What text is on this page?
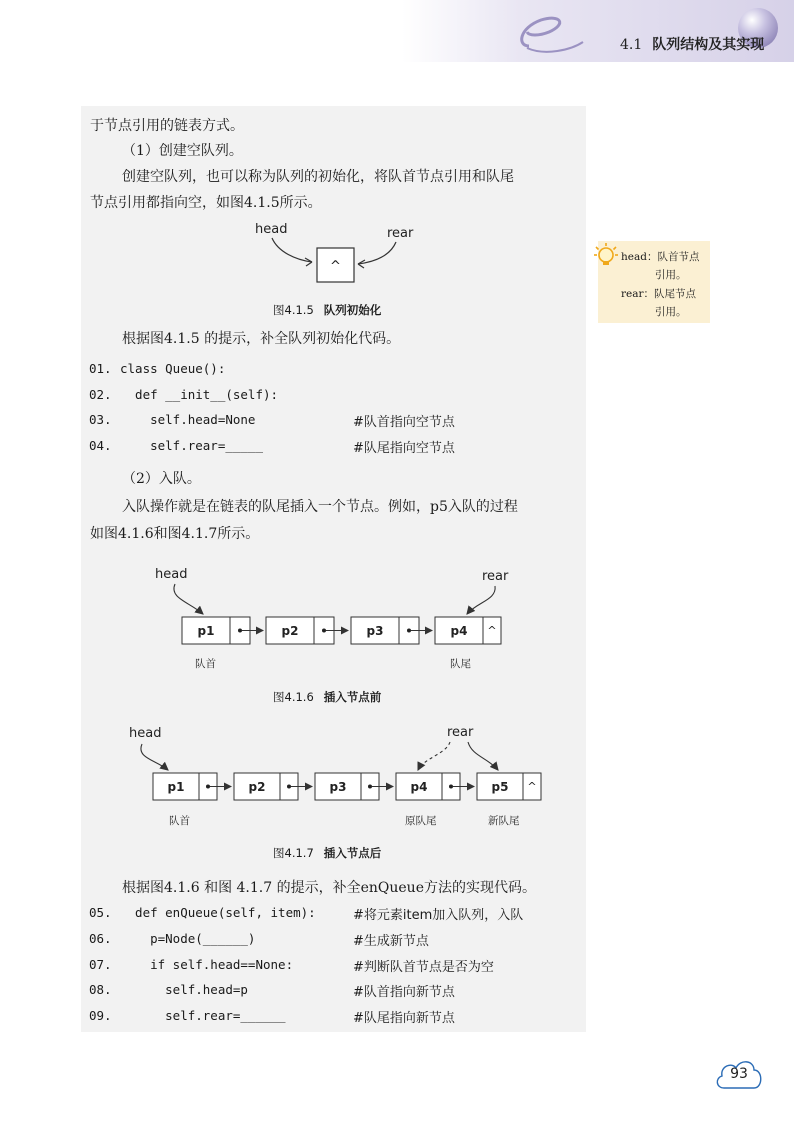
4.1 队列结构及其实现
于节点引用的链表方式。
（1）创建空队列。
创建空队列，也可以称为队列的初始化，将队首节点引用和队尾
节点引用都指向空，如图4.1.5所示。
head	rear
^
图4.1.5 队列初始化
根据图4.1.5 的提示，补全队列初始化代码。
01. class Queue():
02. def __init__(self):
03. self.head=None	#队首指向空节点
04. self.rear=_____	#队尾指向空节点
（2）入队。
入队操作就是在链表的队尾插入一个节点。例如，p5入队的过程
如图4.1.6和图4.1.7所示。
head	rear
p1	p2	p3	p4 ^
队首	队尾
图4.1.6 插入节点前
head	rear
p1	p2	p3	p4	p5 ^
队首	原队尾	新队尾
图4.1.7 插入节点后
根据图4.1.6 和图 4.1.7 的提示，补全enQueue方法的实现代码。
05. def enQueue(self, item):	#将元素item加入队列，入队
06. p=Node(______)	#生成新节点
07. if self.head==None:	#判断队首节点是否为空
08. self.head=p	#队首指向新节点
09. self.rear=______	#队尾指向新节点
head：队首节点
引用。
rear：队尾节点
引用。
93
